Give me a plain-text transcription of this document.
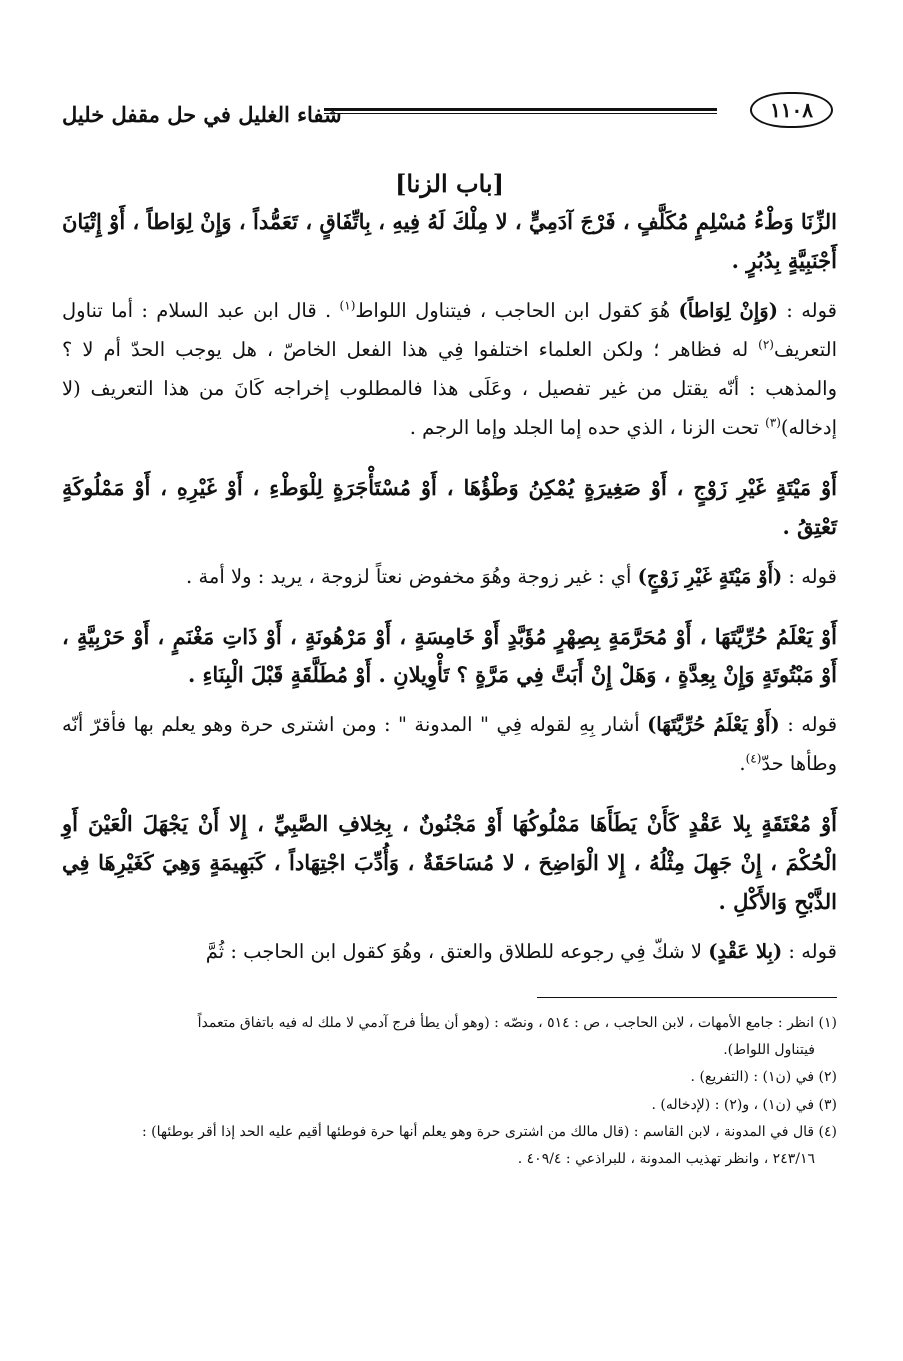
١١٠٨
شفاء الغليل في حل مقفل خليل
[باب الزنا]

الزِّنَا وَطْءُ مُسْلِمٍ مُكَلَّفٍ ، فَرْجَ آدَمِيٍّ ، لا مِلْكَ لَهُ فِيهِ ، بِاتِّفَاقٍ ، تَعَمُّداً ، وَإِنْ لِوَاطاً ، أَوْ إِتْيَانَ أَجْنَبِيَّةٍ بِدُبُرٍ .

قوله : (وَإِنْ لِوَاطاً) هُوَ كقول ابن الحاجب ، فيتناول اللواط$^{(١)}$ . قال ابن عبد السلام : أما تناول التعريف$^{(٢)}$ له فظاهر ؛ ولكن العلماء اختلفوا فِي هذا الفعل الخاصّ ، هل يوجب الحدّ أم لا ؟ والمذهب : أنّه يقتل من غير تفصيل ، وعَلَى هذا فالمطلوب إخراجه كَانَ من هذا التعريف (لا إدخاله)$^{(٣)}$ تحت الزنا ، الذي حده إما الجلد وإما الرجم .

أَوْ مَيْتَةٍ غَيْرِ زَوْجٍ ، أَوْ صَغِيرَةٍ يُمْكِنُ وَطْؤُهَا ، أَوْ مُسْتَأْجَرَةٍ لِلْوَطْءِ ، أَوْ غَيْرِهِ ، أَوْ مَمْلُوكَةٍ تَعْتِقُ .

قوله : (أَوْ مَيْتَةٍ غَيْرِ زَوْجٍ) أي : غير زوجة وهُوَ مخفوض نعتاً لزوجة ، يريد : ولا أمة .

أَوْ يَعْلَمُ حُرِّيَّتَهَا ، أَوْ مُحَرَّمَةٍ بِصِهْرٍ مُؤَبَّدٍ أَوْ خَامِسَةٍ ، أَوْ مَرْهُونَةٍ ، أَوْ ذَاتِ مَغْنَمٍ ، أَوْ حَرْبِيَّةٍ ، أَوْ مَبْتُوتَةٍ وَإِنْ بِعِدَّةٍ ، وَهَلْ إِنْ أَبَتَّ فِي مَرَّةٍ ؟ تَأْوِيلانِ . أَوْ مُطَلَّقَةٍ قَبْلَ الْبِنَاءِ .

قوله : (أَوْ يَعْلَمُ حُرِّيَّتَهَا) أشار بِهِ لقوله فِي " المدونة " : ومن اشترى حرة وهو يعلم بها فأقرّ أنّه وطأها حدّ$^{(٤)}$.

أَوْ مُعْتَقَةٍ بِلا عَقْدٍ كَأَنْ يَطَأَهَا مَمْلُوكُهَا أَوْ مَجْنُونٌ ، بِخِلافِ الصَّبِيِّ ، إِلا أَنْ يَجْهَلَ الْعَيْنَ أَوِ الْحُكْمَ ، إِنْ جَهِلَ مِثْلُهُ ، إِلا الْوَاضِحَ ، لا مُسَاحَقَةٌ ، وَأُدِّبَ اجْتِهَاداً ، كَبَهِيمَةٍ وَهِيَ كَغَيْرِهَا فِي الذَّبْحِ وَالأَكْلِ .

قوله : (بِلا عَقْدٍ) لا شكّ فِي رجوعه للطلاق والعتق ، وهُوَ كقول ابن الحاجب : ثُمَّ

(١) انظر : جامع الأمهات ، لابن الحاجب ، ص : ٥١٤ ، ونصّه : (وهو أن يطأ فرج آدمي لا ملك له فيه باتفاق متعمداً

فيتناول اللواط).

(٢) في (ن١) : (التفريع) .

(٣) في (ن١) ، و(٢) : (لإدخاله) .

(٤) قال في المدونة ، لابن القاسم : (قال مالك من اشترى حرة وهو يعلم أنها حرة فوطئها أقيم عليه الحد إذا أقر بوطئها) :

٢٤٣/١٦ ، وانظر تهذيب المدونة ، للبراذعي : ٤٠٩/٤ .
